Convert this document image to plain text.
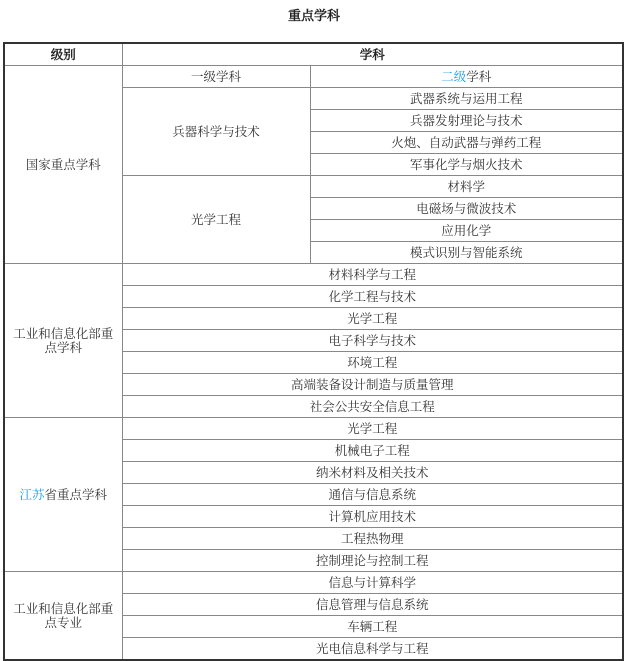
重点学科
级别	学科	
国家重点学科	一级学科	二级学科
	兵器科学与技术	武器系统与运用工程
		兵器发射理论与技术
		火炮、自动武器与弹药工程
		军事化学与烟火技术
	光学工程	材料学
		电磁场与微波技术
		应用化学
		模式识别与智能系统
工业和信息化部重点学科	材料科学与工程	
	化学工程与技术	
	光学工程	
	电子科学与技术	
	环境工程	
	高端装备设计制造与质量管理	
	社会公共安全信息工程	
江苏省重点学科	光学工程	
	机械电子工程	
	纳米材料及相关技术	
	通信与信息系统	
	计算机应用技术	
	工程热物理	
	控制理论与控制工程	
工业和信息化部重点专业	信息与计算科学	
	信息管理与信息系统	
	车辆工程	
	光电信息科学与工程	
